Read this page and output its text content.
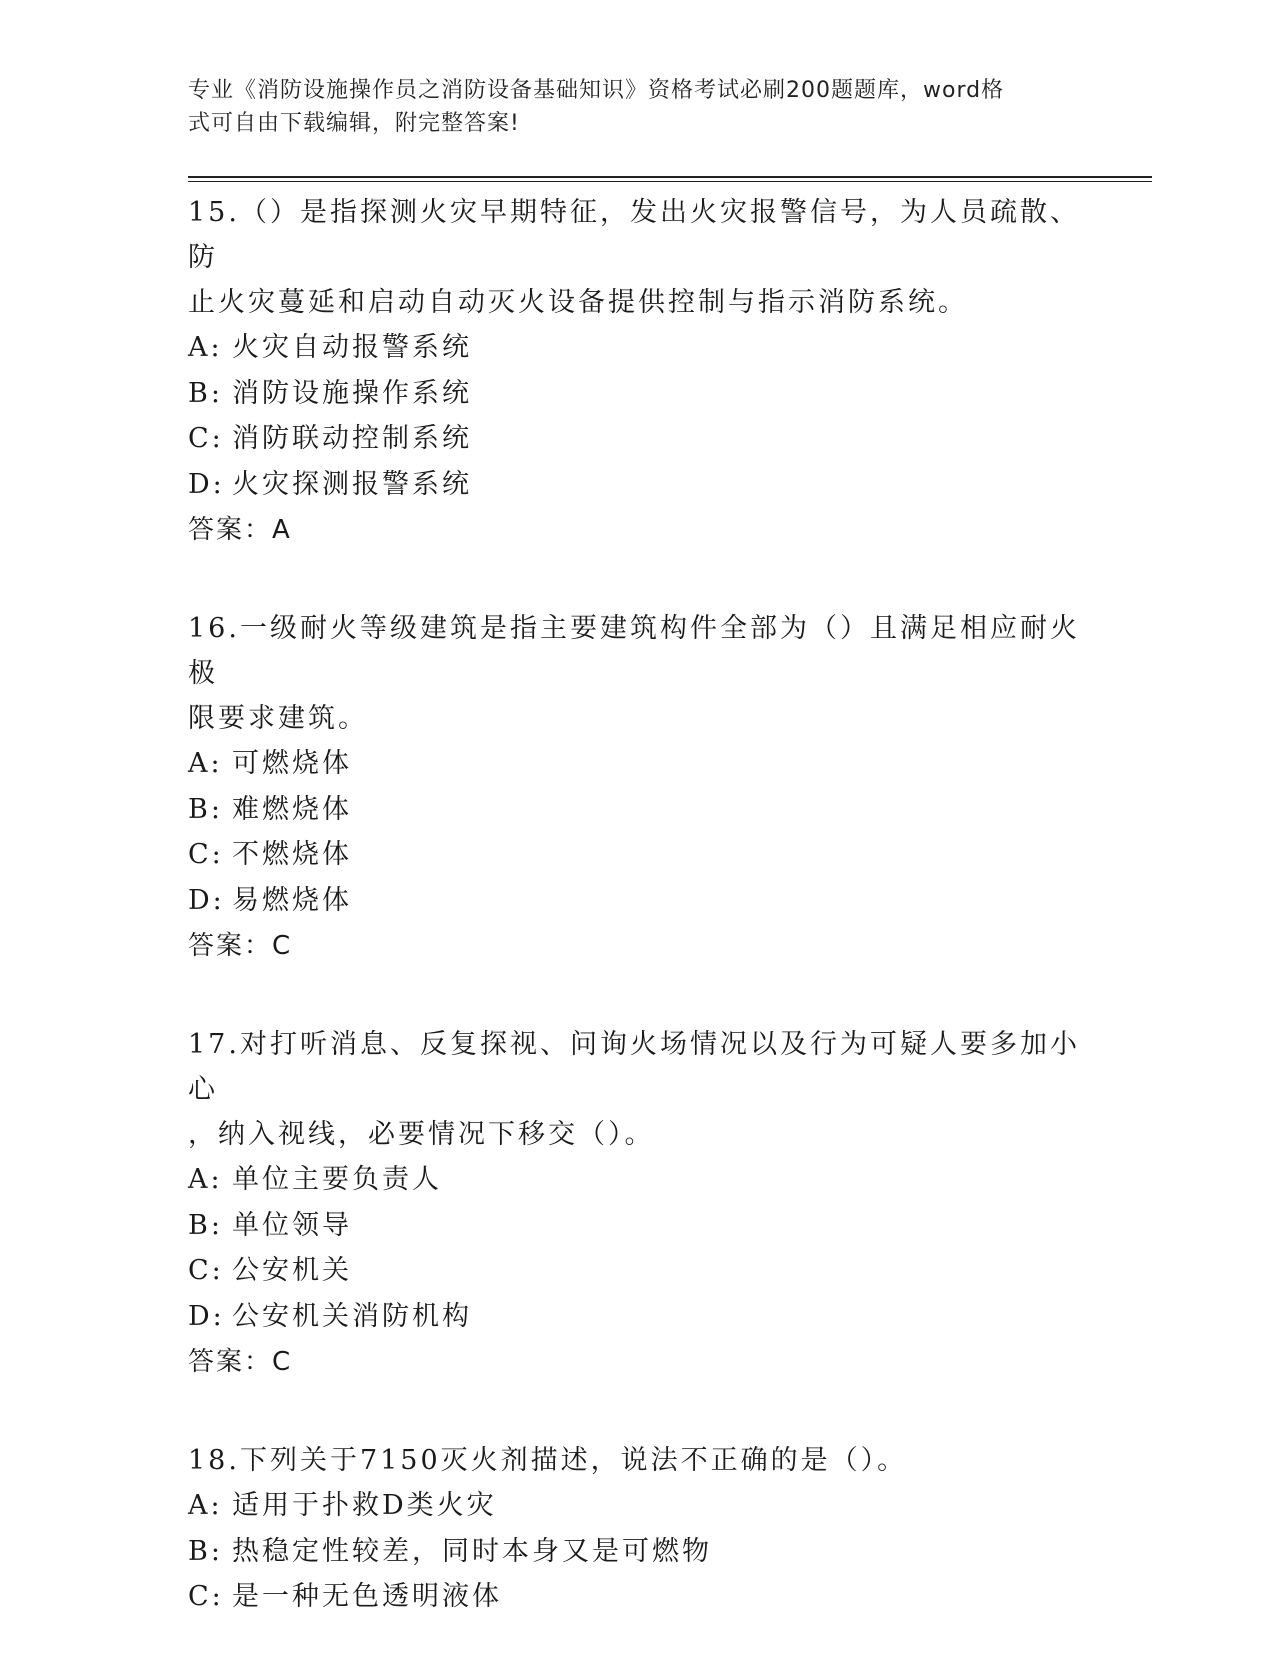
专业《消防设施操作员之消防设备基础知识》资格考试必刷200题题库，word格
式可自由下载编辑，附完整答案!

15.（）是指探测火灾早期特征，发出火灾报警信号，为人员疏散、防

止火灾蔓延和启动自动灭火设备提供控制与指示消防系统。

A: 火灾自动报警系统

B: 消防设施操作系统

C: 消防联动控制系统

D: 火灾探测报警系统

答案：A

16.一级耐火等级建筑是指主要建筑构件全部为（）且满足相应耐火极

限要求建筑。

A: 可燃烧体

B: 难燃烧体

C: 不燃烧体

D: 易燃烧体

答案：C

17.对打听消息、反复探视、问询火场情况以及行为可疑人要多加小心

，纳入视线，必要情况下移交（）。

A: 单位主要负责人

B: 单位领导

C: 公安机关

D: 公安机关消防机构

答案：C

18.下列关于7150灭火剂描述，说法不正确的是（）。

A: 适用于扑救D类火灾

B: 热稳定性较差，同时本身又是可燃物

C: 是一种无色透明液体
